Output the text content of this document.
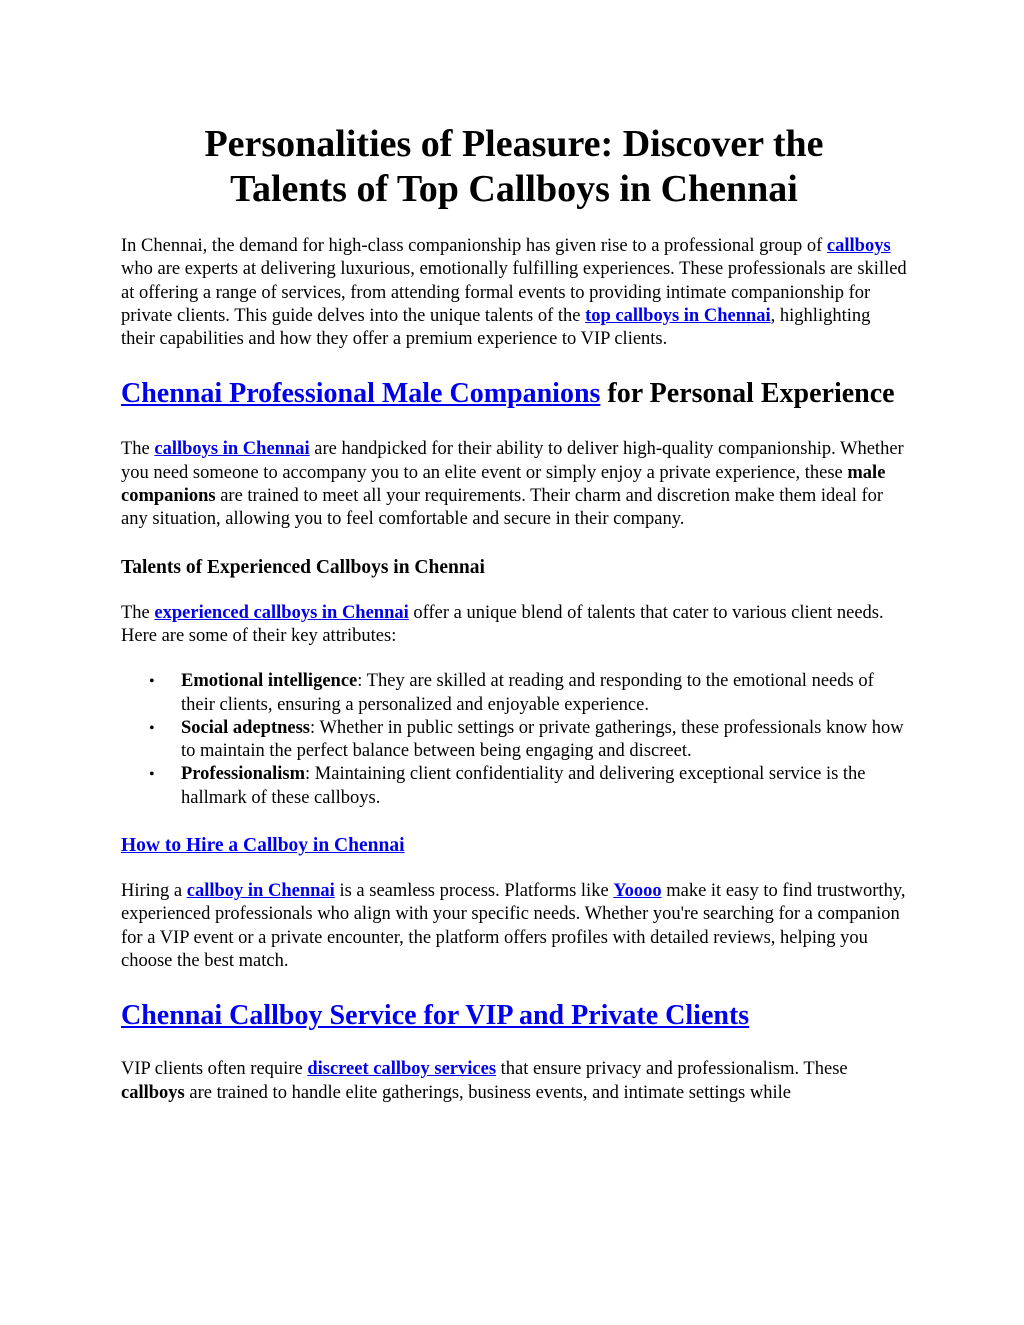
Personalities of Pleasure: Discover the
Talents of Top Callboys in Chennai

In Chennai, the demand for high-class companionship has given rise to a professional group of callboys who are experts at delivering luxurious, emotionally fulfilling experiences. These professionals are skilled at offering a range of services, from attending formal events to providing intimate companionship for private clients. This guide delves into the unique talents of the top callboys in Chennai, highlighting their capabilities and how they offer a premium experience to VIP clients.

Chennai Professional Male Companions for Personal Experience

The callboys in Chennai are handpicked for their ability to deliver high-quality companionship. Whether you need someone to accompany you to an elite event or simply enjoy a private experience, these male companions are trained to meet all your requirements. Their charm and discretion make them ideal for any situation, allowing you to feel comfortable and secure in their company.

Talents of Experienced Callboys in Chennai

The experienced callboys in Chennai offer a unique blend of talents that cater to various client needs. Here are some of their key attributes:

• Emotional intelligence: They are skilled at reading and responding to the emotional needs of their clients, ensuring a personalized and enjoyable experience.
• Social adeptness: Whether in public settings or private gatherings, these professionals know how to maintain the perfect balance between being engaging and discreet.
• Professionalism: Maintaining client confidentiality and delivering exceptional service is the hallmark of these callboys.
How to Hire a Callboy in Chennai

Hiring a callboy in Chennai is a seamless process. Platforms like Yoooo make it easy to find trustworthy, experienced professionals who align with your specific needs. Whether you're searching for a companion for a VIP event or a private encounter, the platform offers profiles with detailed reviews, helping you choose the best match.

Chennai Callboy Service for VIP and Private Clients

VIP clients often require discreet callboy services that ensure privacy and professionalism. These callboys are trained to handle elite gatherings, business events, and intimate settings while
